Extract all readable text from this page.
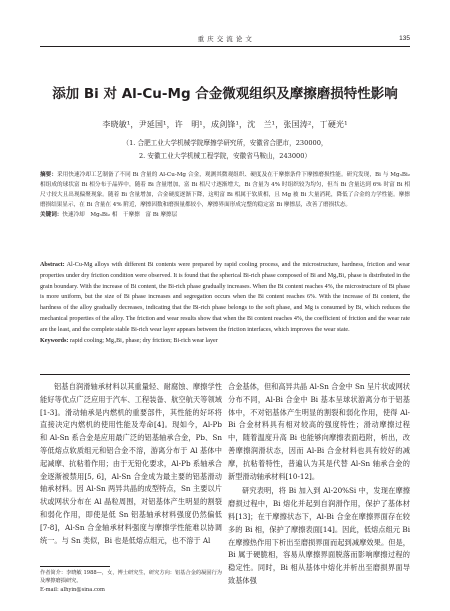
重 庆 交 流 论 文	135
添加 Bi 对 Al-Cu-Mg 合金微观组织及摩擦磨损特性影响
李晓敏¹，尹延国¹，许　明¹，成剑锋¹，沈　兰¹，张国涛²，丁硬光¹
（1. 合肥工业大学机械学院摩擦学研究所，安徽省合肥市，230000，
2. 安徽工业大学机械工程学院，安徽省马鞍山，243000）
摘要：采用快速冷却工艺制备了不同 Bi 含量的 Al-Cu-Mg 合金，观测其微观组织、硬度及在干摩擦条件下摩擦磨损性能。研究发现，Bi 与 Mg₃Bi₂ 相组成的球状富 Bi 相分布于晶界中，随着 Bi 含量增加，富 Bi 相尺寸逐渐增大，Bi 含量为 4% 时组织较为均匀，但当 Bi 含量达到 6% 时富 Bi 相尺寸较大且出现偏聚现象。随着 Bi 含量增加，合金硬度逐渐下降，这明富 Bi 相属于软质相，且 Mg 被 Bi 大量消耗，降低了合金的力学性能。摩擦磨损结果显示，在 Bi 含量在 4% 附近，摩擦因数和磨损量都较小，摩擦界面形成完整的稳定富 Bi 摩擦层，改善了磨损状态。
关键词：快速冷却　Mg₃Bi₂ 相　干摩擦　富 Bi 摩擦层
Abstract: Al-Cu-Mg alloys with different Bi contents were prepared by rapid cooling process, and the microstructure, hardness, friction and wear properties under dry friction condition were observed. It is found that the spherical Bi-rich phase composed of Bi and Mg₃Bi₂ phase is distributed in the grain boundary. With the increase of Bi content, the Bi-rich phase gradually increases. When the Bi content reaches 4%, the microstructure of Bi phase is more uniform, but the size of Bi phase increases and segregation occurs when the Bi content reaches 6%. With the increase of Bi content, the hardness of the alloy gradually decreases, indicating that the Bi-rich phase belongs to the soft phase, and Mg is consumed by Bi, which reduces the mechanical properties of the alloy. The friction and wear results show that when the Bi content reaches 4%, the coefficient of friction and the wear rate are the least, and the complete stable Bi-rich wear layer appears between the friction interfaces, which improves the wear state.
Keywords: rapid cooling; Mg₃Bi₂ phase; dry friction; Bi-rich wear layer

铝基自润滑轴承材料以其重量轻、耐腐蚀、摩擦学性能好等优点广泛应用于汽车、工程装备、航空航天等领域[1-3]。滑动轴承是内燃机的重要部件，其性能的好坏将直接决定内燃机的使用性能及寿命[4]。现如今，Al-Pb 和 Al-Sn 系合金是应用最广泛的铝基轴承合金，Pb、Sn 等低熔点软质组元和铝合金不溶，游离分布于 Al 基体中起减摩、抗粘着作用；由于无铅化要求，Al-Pb 系轴承合金逐渐被禁用[5, 6]，Al-Sn 合金成为最主要的铝基滑动轴承材料。因 Al-Sn 两异共晶的成型特点，Sn 主要以片状或网状分布在 Al 晶粒周围，对铝基体产生明显的割裂和弱化作用，即使是低 Sn 铝基轴承材料强度仍然偏低[7-8]，Al-Sn 合金轴承材料强度与摩擦学性能难以协调统一。与 Sn 类似，Bi 也是低熔点组元，也不溶于 Al

合金基体，但和高异共晶 Al-Sn 合金中 Sn 呈片状或网状分布不同，Al-Bi 合金中 Bi 基本呈球状游离分布于铝基体中，不对铝基体产生明显的割裂和弱化作用，使得 Al-Bi 合金材料具有相对较高的强度特性；滑动摩擦过程中，随着温度升高 Bi 也能够向摩擦表面趋附，析出，改善摩擦润滑状态，因而 Al-Bi 合金材料也具有较好的减摩，抗粘着特性，普遍认为其是代替 Al-Sn 轴承合金的新型滑动轴承材料[10-12]。

研究表明，将 Bi 加入到 Al-20%Si 中，发现在摩擦磨损过程中，Bi 熔化并起到自润滑作用，保护了基体材料[13]；在干摩擦状态下，Al-Bi 合金在摩擦界面存在较多的 Bi 相，保护了摩擦表面[14]。因此，低熔点组元 Bi 在摩擦热作用下析出至磨损界面而起到减摩效果。但是，Bi 属于硬脆相，容易从摩擦界面脱落而影响摩擦过程的稳定性。同时，Bi 相从基体中熔化并析出至磨损界面导致基体强

作者简介：李晓敏 1988—，女，博士研究生，研究方向：铝基合金的凝固行为及摩擦磨损研究。
E-mail: alhyin@sina.com
